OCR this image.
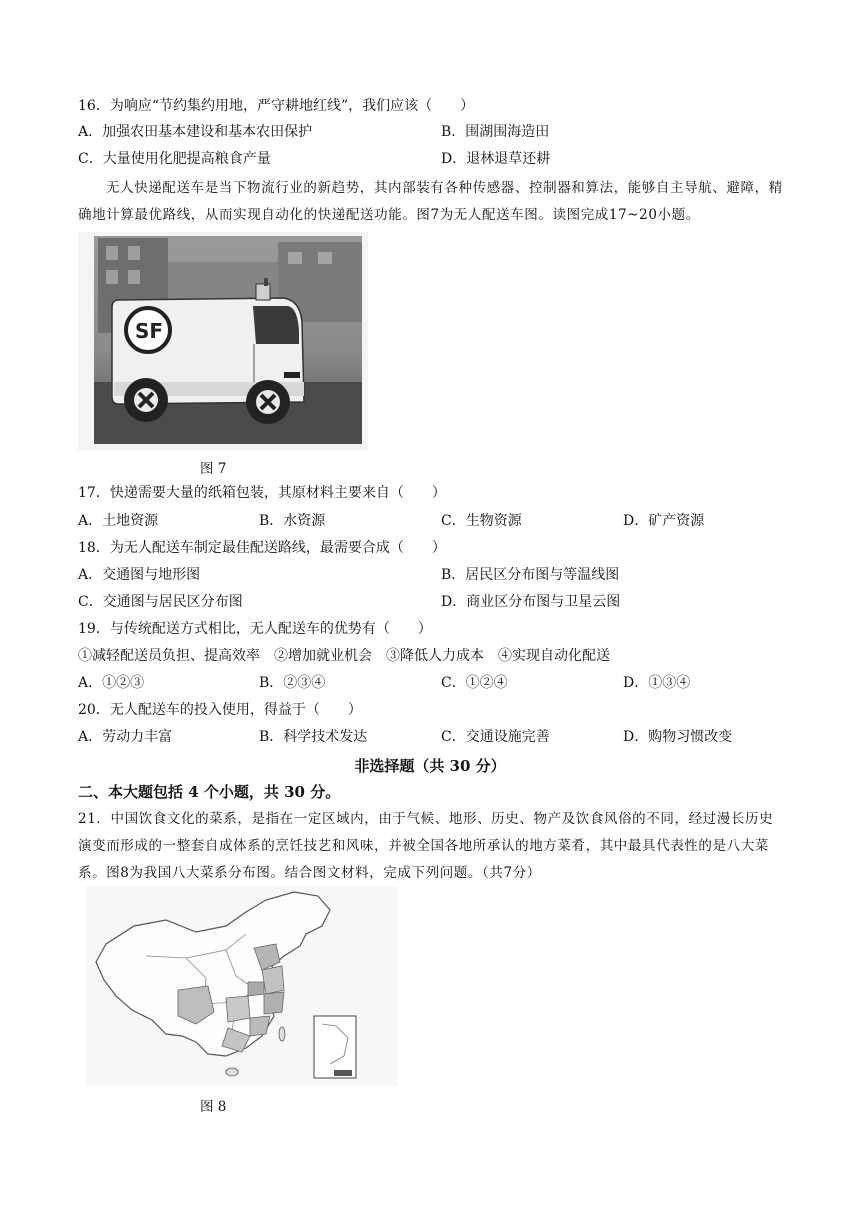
16．为响应“节约集约用地，严守耕地红线”，我们应该（　　）
A．加强农田基本建设和基本农田保护	B．围湖围海造田
C．大量使用化肥提高粮食产量	D．退林退草还耕
无人快递配送车是当下物流行业的新趋势，其内部装有各种传感器、控制器和算法，能够自主导航、避障，精确地计算最优路线，从而实现自动化的快递配送功能。图7为无人配送车图。读图完成17~20小题。
SF
图 7
17．快递需要大量的纸箱包装，其原材料主要来自（　　）
A．土地资源	B．水资源	C．生物资源	D．矿产资源
18．为无人配送车制定最佳配送路线，最需要合成（　　）
A．交通图与地形图	B．居民区分布图与等温线图
C．交通图与居民区分布图	D．商业区分布图与卫星云图
19．与传统配送方式相比，无人配送车的优势有（　　）
①减轻配送员负担、提高效率　②增加就业机会　③降低人力成本　④实现自动化配送
A．①②③	B．②③④	C．①②④	D．①③④
20．无人配送车的投入使用，得益于（　　）
A．劳动力丰富	B．科学技术发达	C．交通设施完善	D．购物习惯改变
非选择题（共 30 分）
二、本大题包括 4 个小题，共 30 分。
21．中国饮食文化的菜系，是指在一定区域内，由于气候、地形、历史、物产及饮食风俗的不同，经过漫长历史演变而形成的一整套自成体系的烹饪技艺和风味，并被全国各地所承认的地方菜肴，其中最具代表性的是八大菜系。图8为我国八大菜系分布图。结合图文材料，完成下列问题。（共7分）
图 8
